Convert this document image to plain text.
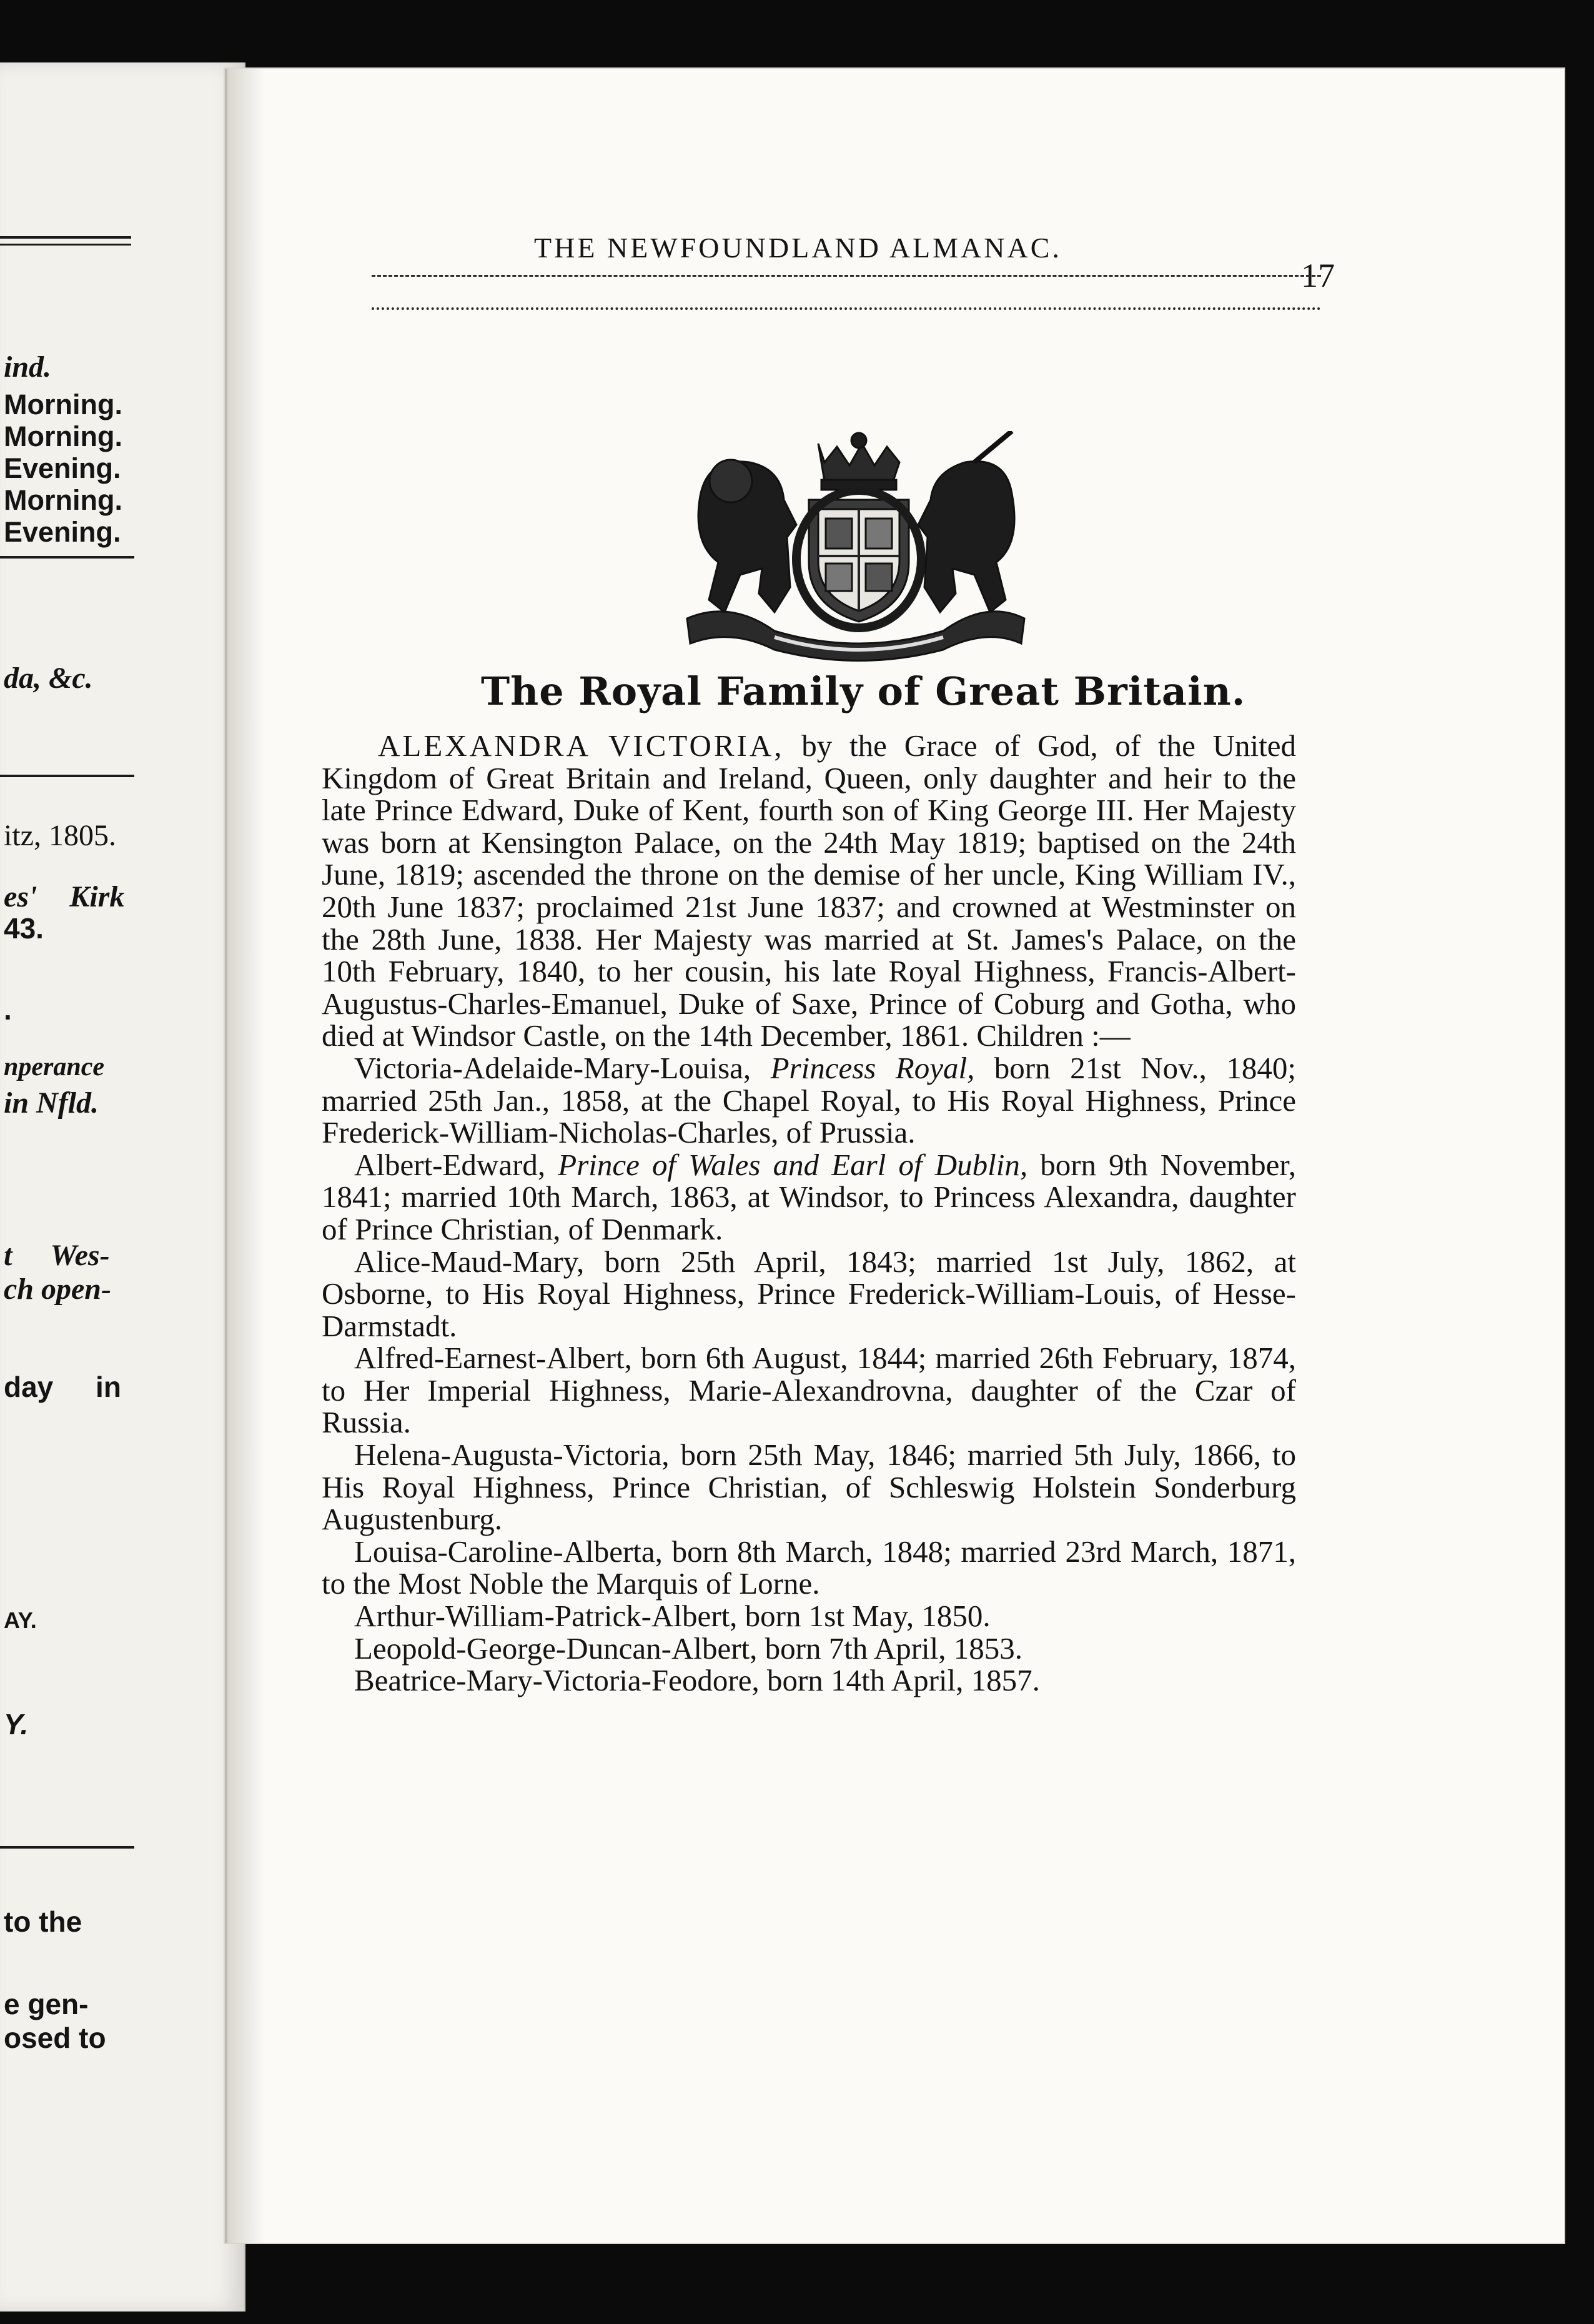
ind.
Morning.
Morning.
Evening.
Morning.
Evening.
da, &c.
itz, 1805.
es' Kirk
43.
.
nperance
in Nfld.
t Wes-
ch open-
day in
AY.
Y.
to the
e gen-
osed to
THE NEWFOUNDLAND ALMANAC.
17
The Royal Family of Great Britain.

ALEXANDRA VICTORIA, by the Grace of God, of the United Kingdom of Great Britain and Ireland, Queen, only daughter and heir to the late Prince Edward, Duke of Kent, fourth son of King George III. Her Majesty was born at Kensington Palace, on the 24th May 1819; baptised on the 24th June, 1819; ascended the throne on the demise of her uncle, King William IV., 20th June 1837; proclaimed 21st June 1837; and crowned at Westminster on the 28th June, 1838. Her Majesty was married at St. James's Palace, on the 10th February, 1840, to her cousin, his late Royal Highness, Francis-Albert-Augustus-Charles-Emanuel, Duke of Saxe, Prince of Coburg and Gotha, who died at Windsor Castle, on the 14th December, 1861. Children :—

Victoria-Adelaide-Mary-Louisa, Princess Royal, born 21st Nov., 1840; married 25th Jan., 1858, at the Chapel Royal, to His Royal Highness, Prince Frederick-William-Nicholas-Charles, of Prussia.

Albert-Edward, Prince of Wales and Earl of Dublin, born 9th November, 1841; married 10th March, 1863, at Windsor, to Princess Alexandra, daughter of Prince Christian, of Denmark.

Alice-Maud-Mary, born 25th April, 1843; married 1st July, 1862, at Osborne, to His Royal Highness, Prince Frederick-William-Louis, of Hesse-Darmstadt.

Alfred-Earnest-Albert, born 6th August, 1844; married 26th February, 1874, to Her Imperial Highness, Marie-Alexandrovna, daughter of the Czar of Russia.

Helena-Augusta-Victoria, born 25th May, 1846; married 5th July, 1866, to His Royal Highness, Prince Christian, of Schleswig Holstein Sonderburg Augustenburg.

Louisa-Caroline-Alberta, born 8th March, 1848; married 23rd March, 1871, to the Most Noble the Marquis of Lorne.

Arthur-William-Patrick-Albert, born 1st May, 1850.

Leopold-George-Duncan-Albert, born 7th April, 1853.

Beatrice-Mary-Victoria-Feodore, born 14th April, 1857.
